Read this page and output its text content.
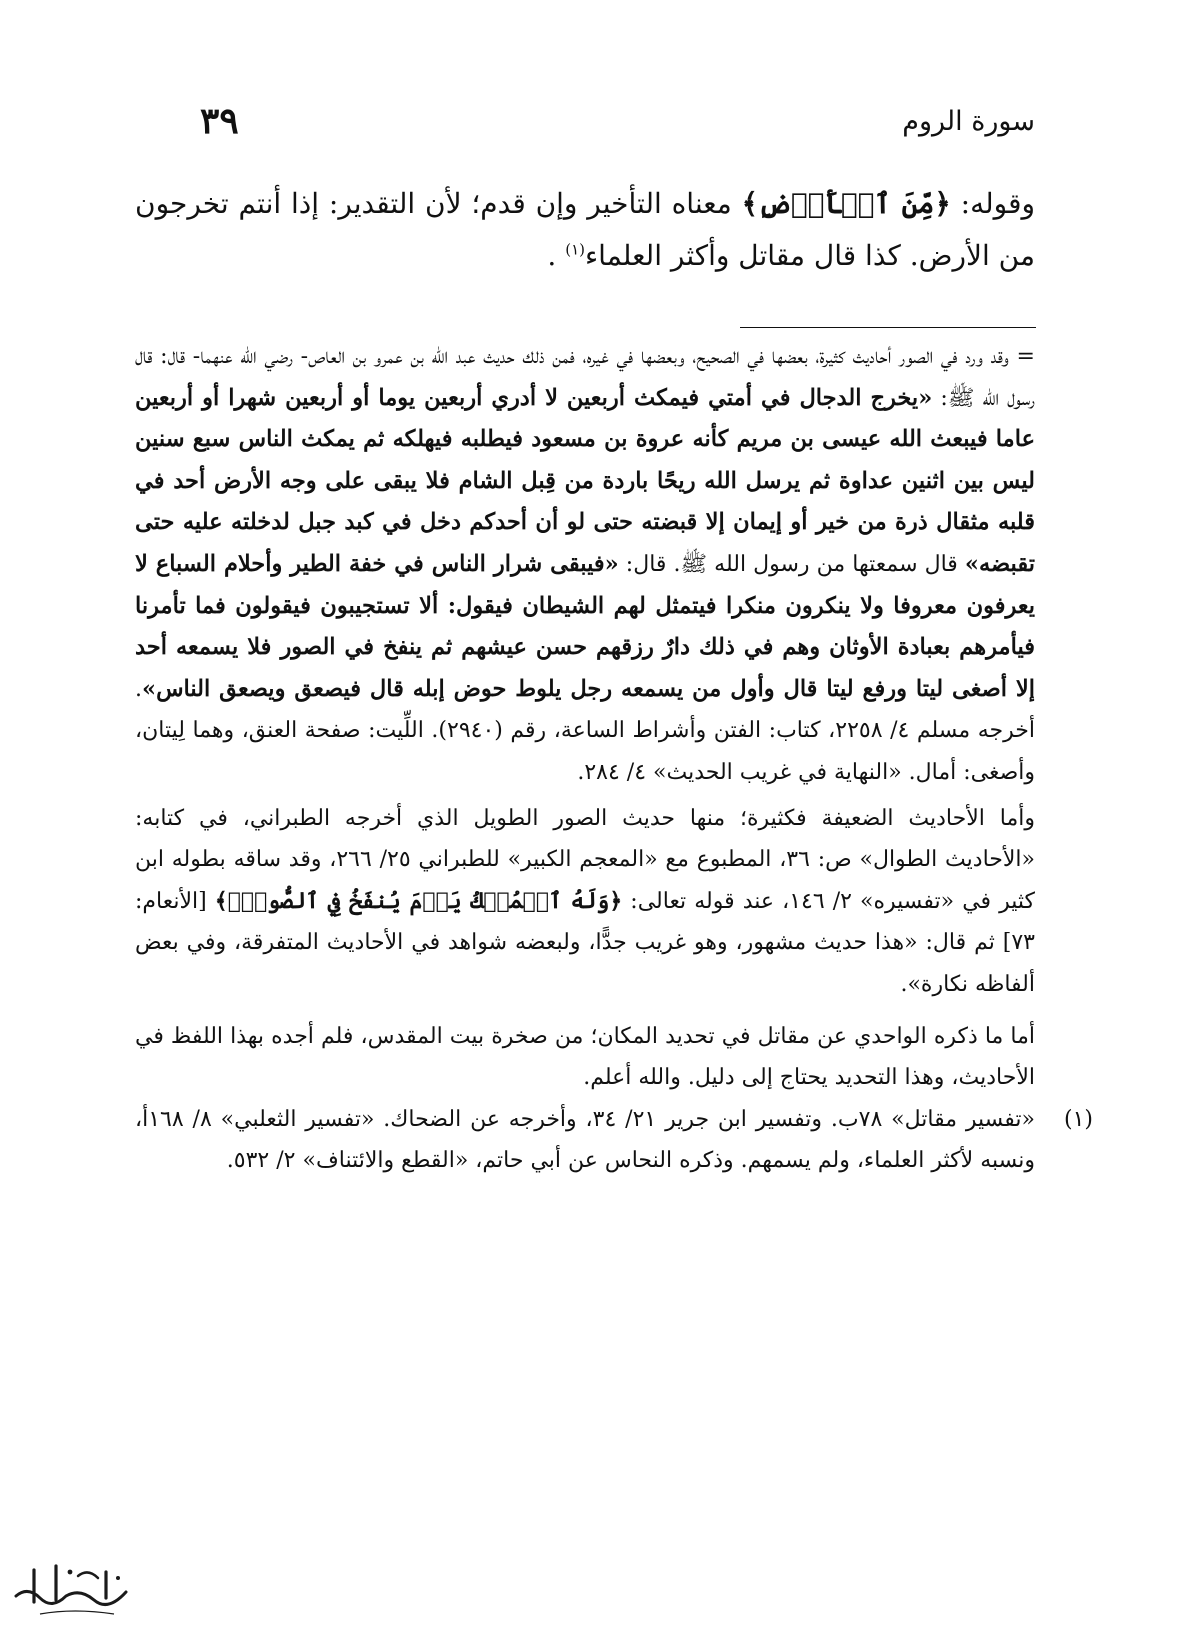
سورة الروم
٣٩
وقوله: ﴿مِّنَ ٱلۡأَرۡضِ﴾ معناه التأخير وإن قدم؛ لأن التقدير: إذا أنتم تخرجون من الأرض. كذا قال مقاتل وأكثر العلماء$^{(١)}$ .

= وقد ورد في الصور أحاديث كثيرة، بعضها في الصحيح، وبعضها في غيره، فمن ذلك حديث عبد الله بن عمرو بن العاص- رضي الله عنهما- قال: قال رسول الله ﷺ: «يخرج الدجال في أمتي فيمكث أربعين لا أدري أربعين يوما أو أربعين شهرا أو أربعين عاما فيبعث الله عيسى بن مريم كأنه عروة بن مسعود فيطلبه فيهلكه ثم يمكث الناس سبع سنين ليس بين اثنين عداوة ثم يرسل الله ريحًا باردة من قِبل الشام فلا يبقى على وجه الأرض أحد في قلبه مثقال ذرة من خير أو إيمان إلا قبضته حتى لو أن أحدكم دخل في كبد جبل لدخلته عليه حتى تقبضه» قال سمعتها من رسول الله ﷺ. قال: «فيبقى شرار الناس في خفة الطير وأحلام السباع لا يعرفون معروفا ولا ينكرون منكرا فيتمثل لهم الشيطان فيقول: ألا تستجيبون فيقولون فما تأمرنا فيأمرهم بعبادة الأوثان وهم في ذلك دارٌ رزقهم حسن عيشهم ثم ينفخ في الصور فلا يسمعه أحد إلا أصغى ليتا ورفع ليتا قال وأول من يسمعه رجل يلوط حوض إبله قال فيصعق ويصعق الناس». أخرجه مسلم ٤/ ٢٢٥٨، كتاب: الفتن وأشراط الساعة، رقم (٢٩٤٠). اللِّيت: صفحة العنق، وهما لِيتان، وأصغى: أمال. «النهاية في غريب الحديث» ٤/ ٢٨٤.

وأما الأحاديث الضعيفة فكثيرة؛ منها حديث الصور الطويل الذي أخرجه الطبراني، في كتابه: «الأحاديث الطوال» ص: ٣٦، المطبوع مع «المعجم الكبير» للطبراني ٢٥/ ٢٦٦، وقد ساقه بطوله ابن كثير في «تفسيره» ٢/ ١٤٦، عند قوله تعالى: ﴿وَلَهُ ٱلۡمُلۡكُ يَوۡمَ يُنفَخُ فِي ٱلصُّورِۚ﴾ [الأنعام: ٧٣] ثم قال: «هذا حديث مشهور، وهو غريب جدًّا، ولبعضه شواهد في الأحاديث المتفرقة، وفي بعض ألفاظه نكارة».

أما ما ذكره الواحدي عن مقاتل في تحديد المكان؛ من صخرة بيت المقدس، فلم أجده بهذا اللفظ في الأحاديث، وهذا التحديد يحتاج إلى دليل. والله أعلم.

(١)
«تفسير مقاتل» ٧٨ب. وتفسير ابن جرير ٢١/ ٣٤، وأخرجه عن الضحاك. «تفسير الثعلبي» ٨/ ١٦٨أ، ونسبه لأكثر العلماء، ولم يسمهم. وذكره النحاس عن أبي حاتم، «القطع والائتناف» ٢/ ٥٣٢.
